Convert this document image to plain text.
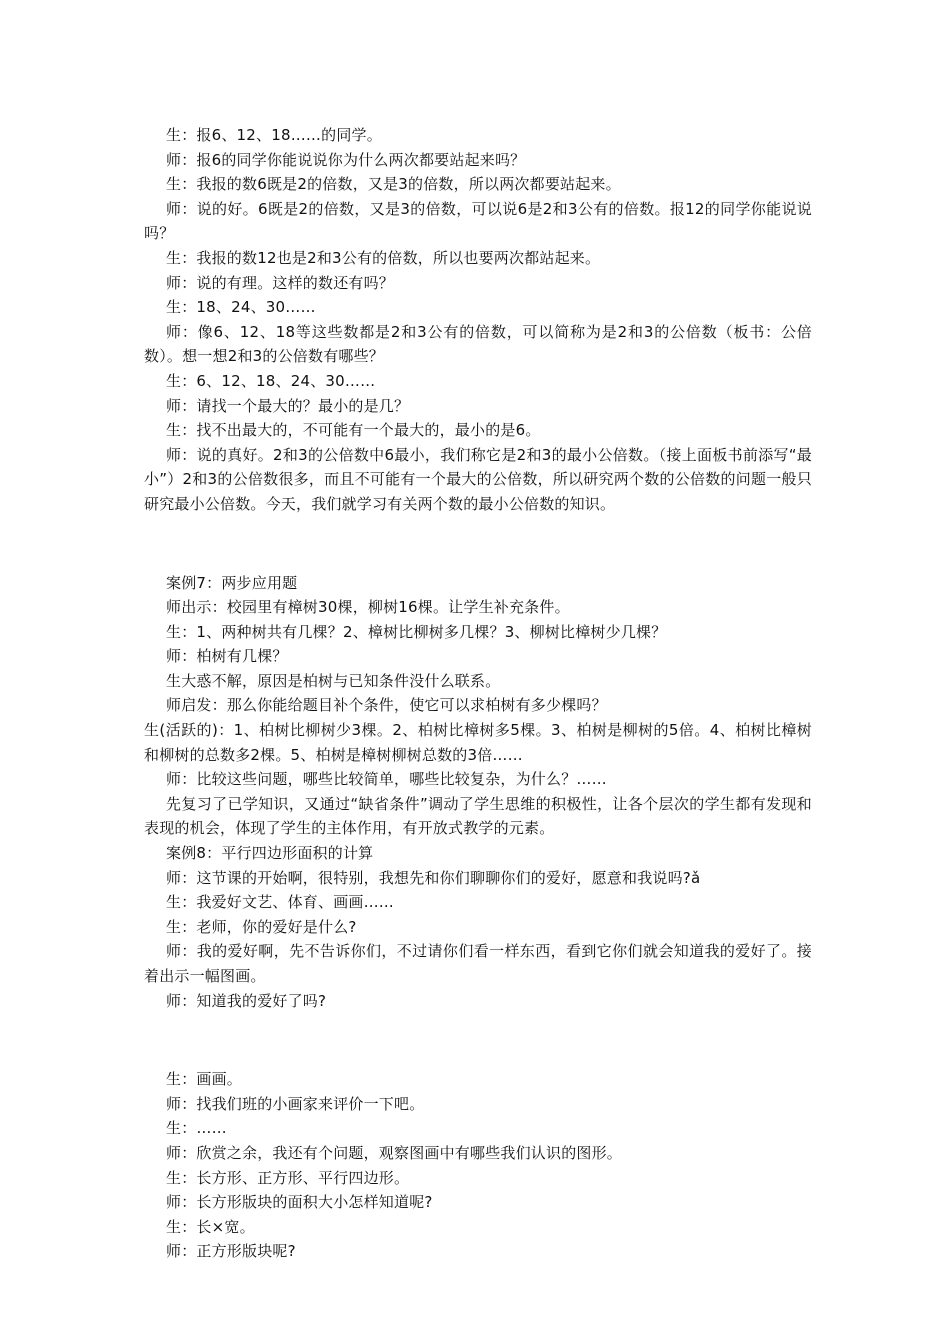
生：报6、12、18……的同学。

师：报6的同学你能说说你为什么两次都要站起来吗？

生：我报的数6既是2的倍数，又是3的倍数，所以两次都要站起来。

师：说的好。6既是2的倍数，又是3的倍数，可以说6是2和3公有的倍数。报12的同学你能说说吗？

生：我报的数12也是2和3公有的倍数，所以也要两次都站起来。

师：说的有理。这样的数还有吗？

生：18、24、30……

师：像6、12、18等这些数都是2和3公有的倍数，可以简称为是2和3的公倍数（板书：公倍数）。想一想2和3的公倍数有哪些？

生：6、12、18、24、30……

师：请找一个最大的？最小的是几？

生：找不出最大的，不可能有一个最大的，最小的是6。

师：说的真好。2和3的公倍数中6最小，我们称它是2和3的最小公倍数。（接上面板书前添写“最小”）2和3的公倍数很多，而且不可能有一个最大的公倍数，所以研究两个数的公倍数的问题一般只研究最小公倍数。今天，我们就学习有关两个数的最小公倍数的知识。

案例7：两步应用题

师出示：校园里有樟树30棵，柳树16棵。让学生补充条件。

生：1、两种树共有几棵？2、樟树比柳树多几棵？3、柳树比樟树少几棵？

师：柏树有几棵？

生大惑不解，原因是柏树与已知条件没什么联系。

师启发：那么你能给题目补个条件，使它可以求柏树有多少棵吗？

生(活跃的)：1、柏树比柳树少3棵。2、柏树比樟树多5棵。3、柏树是柳树的5倍。4、柏树比樟树和柳树的总数多2棵。5、柏树是樟树柳树总数的3倍……

师：比较这些问题，哪些比较简单，哪些比较复杂，为什么？……

先复习了已学知识，又通过“缺省条件”调动了学生思维的积极性，让各个层次的学生都有发现和表现的机会，体现了学生的主体作用，有开放式教学的元素。

案例8：平行四边形面积的计算

师：这节课的开始啊，很特别，我想先和你们聊聊你们的爱好，愿意和我说吗?ǎ

生：我爱好文艺、体育、画画……

生：老师，你的爱好是什么?

师：我的爱好啊，先不告诉你们，不过请你们看一样东西，看到它你们就会知道我的爱好了。接着出示一幅图画。

师：知道我的爱好了吗?

生：画画。

师：找我们班的小画家来评价一下吧。

生：……

师：欣赏之余，我还有个问题，观察图画中有哪些我们认识的图形。

生：长方形、正方形、平行四边形。

师：长方形版块的面积大小怎样知道呢?

生：长×宽。

师：正方形版块呢?
